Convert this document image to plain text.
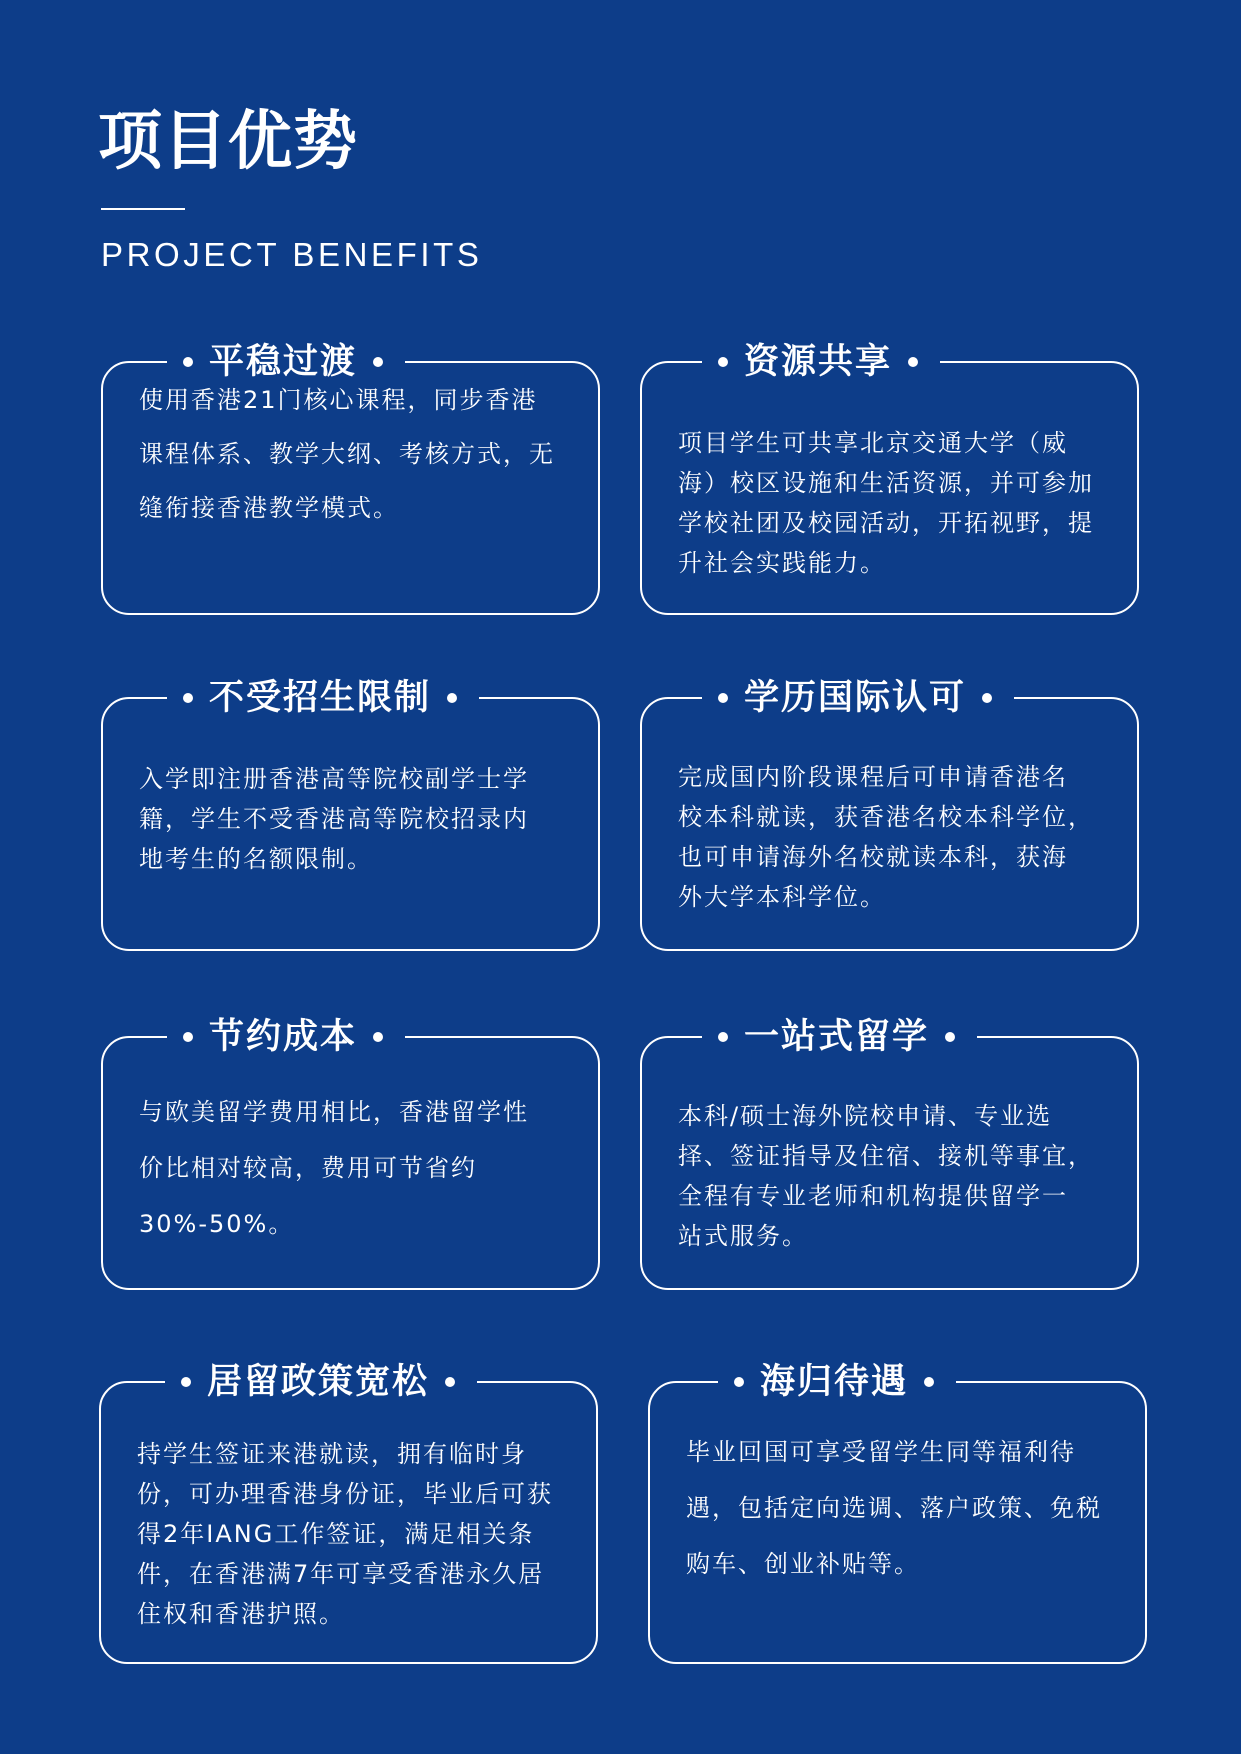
项目优势

PROJECT BENEFITS

平稳过渡

使用香港21门核心课程，同步香港
课程体系、教学大纲、考核方式，无
缝衔接香港教学模式。

资源共享

项目学生可共享北京交通大学（威
海）校区设施和生活资源，并可参加
学校社团及校园活动，开拓视野，提
升社会实践能力。

不受招生限制

入学即注册香港高等院校副学士学
籍，学生不受香港高等院校招录内
地考生的名额限制。

学历国际认可

完成国内阶段课程后可申请香港名
校本科就读，获香港名校本科学位，
也可申请海外名校就读本科，获海
外大学本科学位。

节约成本

与欧美留学费用相比，香港留学性
价比相对较高，费用可节省约
30%-50%。

一站式留学

本科/硕士海外院校申请、专业选
择、签证指导及住宿、接机等事宜，
全程有专业老师和机构提供留学一
站式服务。

居留政策宽松

持学生签证来港就读，拥有临时身
份，可办理香港身份证，毕业后可获
得2年IANG工作签证，满足相关条
件，在香港满7年可享受香港永久居
住权和香港护照。

海归待遇

毕业回国可享受留学生同等福利待
遇，包括定向选调、落户政策、免税
购车、创业补贴等。
